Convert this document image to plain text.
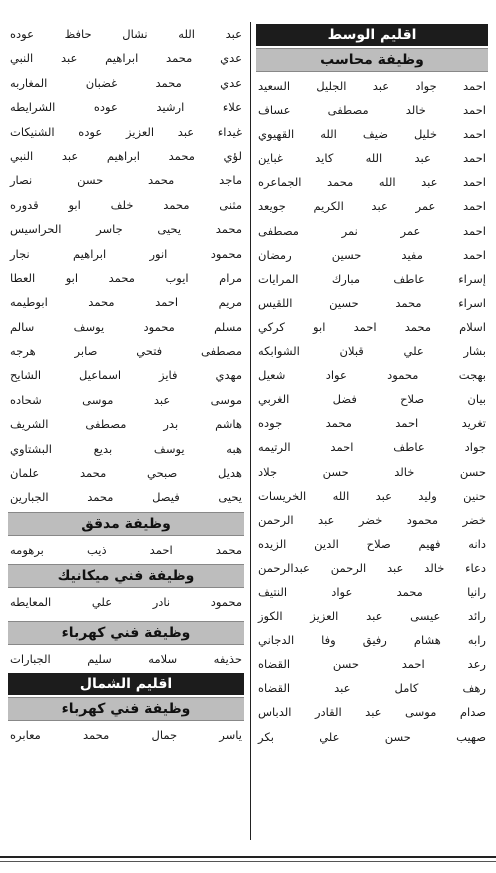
اقليم الوسط
وظيفة محاسب
احمد جواد عبد الجليل السعيد
احمد خالد مصطفى عساف
احمد خليل ضيف الله القهيوي
احمد عبد الله كايد غباين
احمد عبد الله محمد الجماعره
احمد عمر عبد الكريم جويعد
احمد عمر نمر مصطفى
احمد مفيد حسين رمضان
إسراء عاطف مبارك المرايات
اسراء محمد حسين اللقيس
اسلام محمد احمد ابو كركي
بشار علي قبلان الشوابكه
بهجت محمود عواد شعيل
بيان صلاح فضل الغربي
تغريد احمد محمد جوده
جواد عاطف احمد الرتيمه
حسن خالد حسن جلاد
حنين وليد عبد الله الخريسات
خضر محمود خضر عبد الرحمن
دانه فهيم صلاح الدين الزيده
دعاء خالد عبد الرحمن عبدالرحمن
رانيا محمد عواد النتيف
رائد عيسى عبد العزيز الكوز
رابه هشام رفيق وفا الدجاني
رعد احمد حسن القضاه
رهف كامل عبد القضاه
صدام موسى عبد القادر الدباس
صهيب حسن علي بكر
عبد الله نشال حافظ عوده
عدي محمد ابراهيم عبد النبي
عدي محمد غضبان المغاربه
علاء ارشيد عوده الشرايطه
غيداء عبد العزيز عوده الشنيكات
لؤي محمد ابراهيم عبد النبي
ماجد محمد حسن نصار
مثنى محمد خلف ابو قدوره
محمد يحيى جاسر الحراسيس
محمود انور ابراهيم نجار
مرام ايوب محمد ابو العطا
مريم احمد محمد ابوطيمه
مسلم محمود يوسف سالم
مصطفى فتحي صابر هرجه
مهدي فايز اسماعيل الشايح
موسى عبد موسى شحاده
هاشم بدر مصطفى الشريف
هبه يوسف بديع البشتاوي
هديل صبحي محمد علمان
يحيى فيصل محمد الجبارين
وظيفة مدقق
محمد احمد ذيب برهومه
وظيفة فني ميكانيك
محمود نادر علي المعايطه
وظيفة فني كهرباء
حذيفه سلامه سليم الجبارات
اقليم الشمال
وظيفة فني كهرباء
ياسر جمال محمد معابره
